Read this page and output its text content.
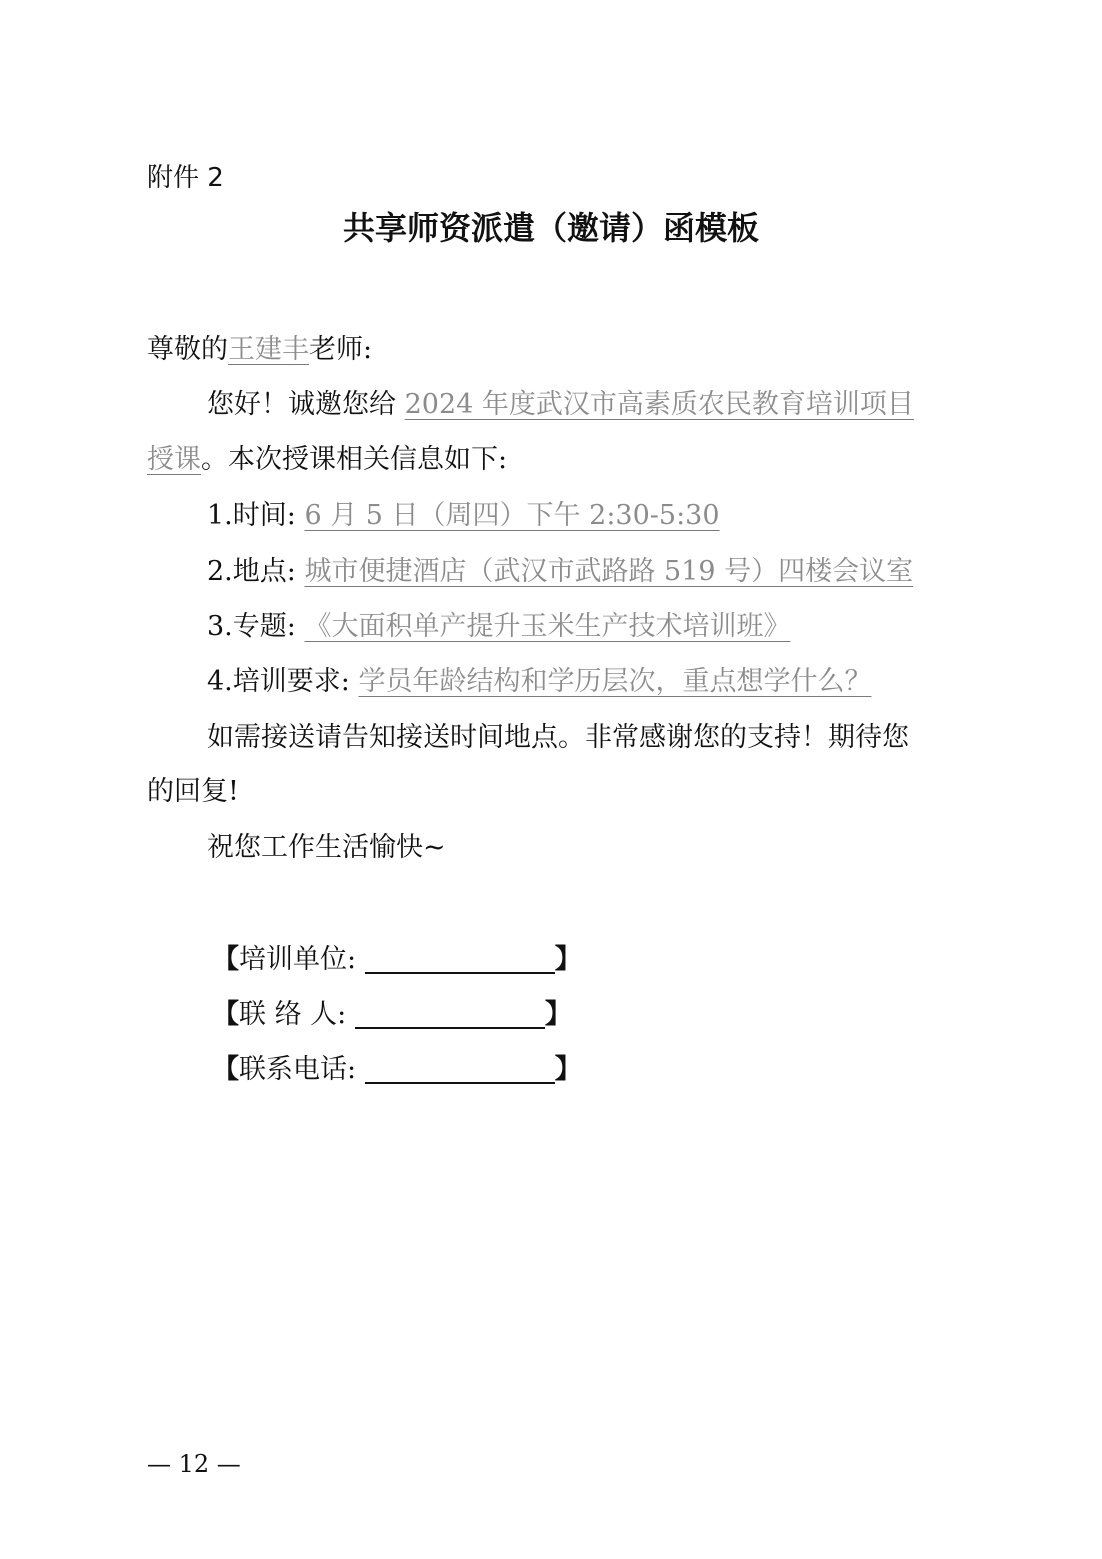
附件 2
共享师资派遣（邀请）函模板
尊敬的王建丰老师:
您好！诚邀您给 2024 年度武汉市高素质农民教育培训项目
授课。本次授课相关信息如下:
1.时间: 6 月 5 日（周四）下午 2:30-5:30
2.地点: 城市便捷酒店（武汉市武路路 519 号）四楼会议室
3.专题: 《大面积单产提升玉米生产技术培训班》
4.培训要求: 学员年龄结构和学历层次，重点想学什么？
如需接送请告知接送时间地点。非常感谢您的支持！期待您
的回复!
祝您工作生活愉快~
【培训单位:	】
【联 络 人:	】
【联系电话:	】
— 12 —
